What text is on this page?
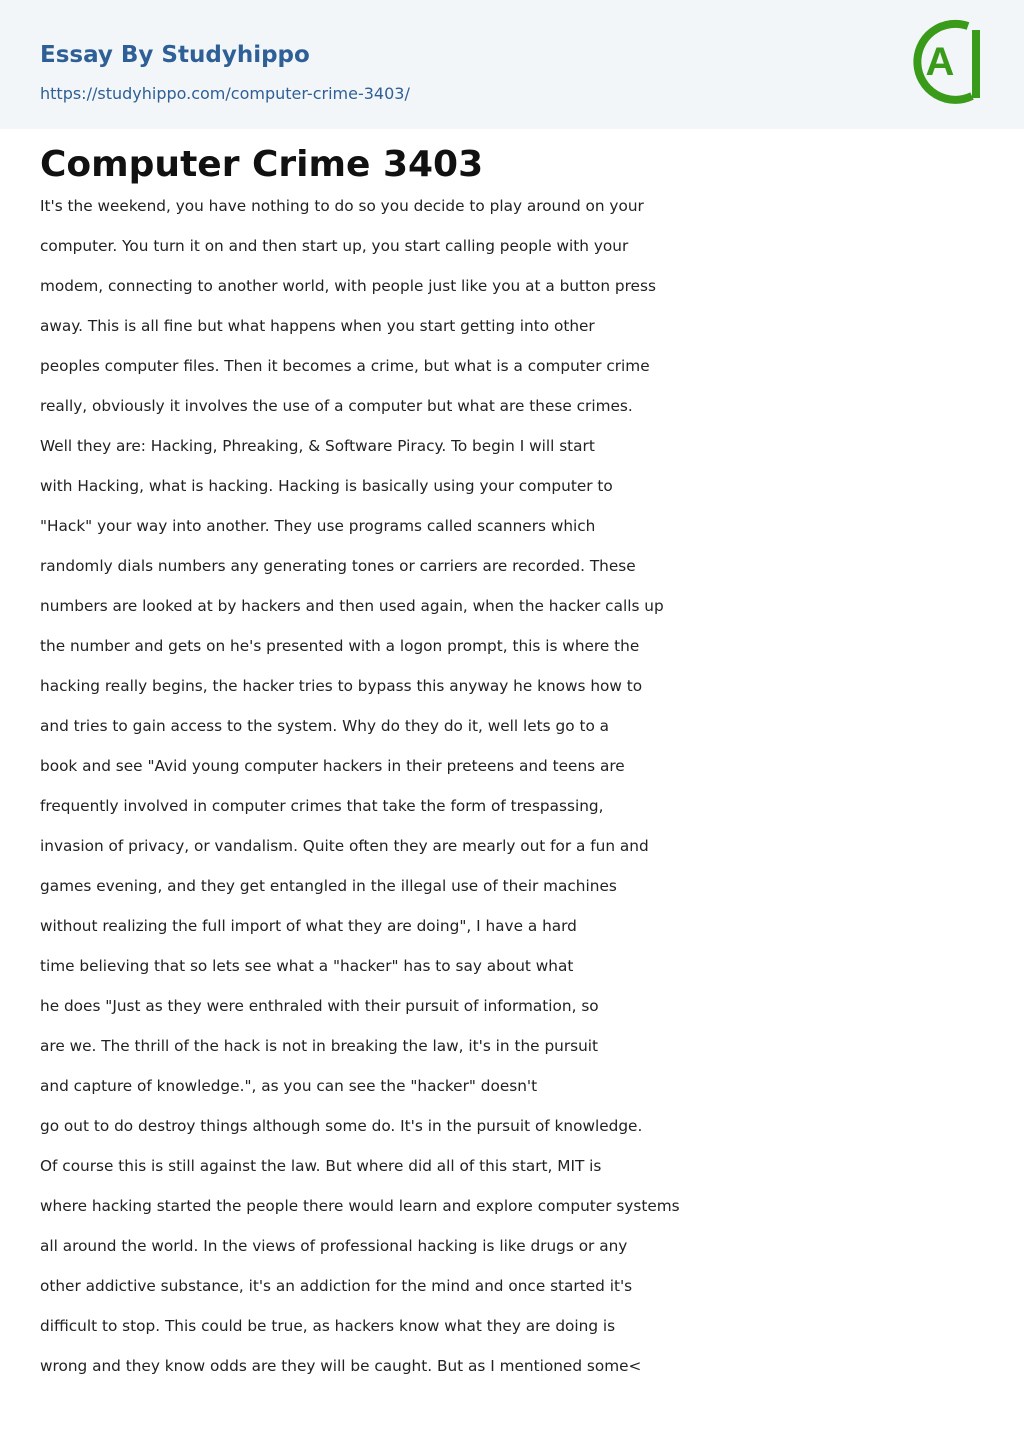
Essay By Studyhippo
https://studyhippo.com/computer-crime-3403/
A
Computer Crime 3403
It's the weekend, you have nothing to do so you decide to play around on your
computer. You turn it on and then start up, you start calling people with your
modem, connecting to another world, with people just like you at a button press
away. This is all fine but what happens when you start getting into other
peoples computer files. Then it becomes a crime, but what is a computer crime
really, obviously it involves the use of a computer but what are these crimes.
Well they are: Hacking, Phreaking, & Software Piracy. To begin I will start
with Hacking, what is hacking. Hacking is basically using your computer to
"Hack" your way into another. They use programs called scanners which
randomly dials numbers any generating tones or carriers are recorded. These
numbers are looked at by hackers and then used again, when the hacker calls up
the number and gets on he's presented with a logon prompt, this is where the
hacking really begins, the hacker tries to bypass this anyway he knows how to
and tries to gain access to the system. Why do they do it, well lets go to a
book and see "Avid young computer hackers in their preteens and teens are
frequently involved in computer crimes that take the form of trespassing,
invasion of privacy, or vandalism. Quite often they are mearly out for a fun and
games evening, and they get entangled in the illegal use of their machines
without realizing the full import of what they are doing", I have a hard
time believing that so lets see what a "hacker" has to say about what
he does "Just as they were enthraled with their pursuit of information, so
are we. The thrill of the hack is not in breaking the law, it's in the pursuit
and capture of knowledge.", as you can see the "hacker" doesn't
go out to do destroy things although some do. It's in the pursuit of knowledge.
Of course this is still against the law. But where did all of this start, MIT is
where hacking started the people there would learn and explore computer systems
all around the world. In the views of professional hacking is like drugs or any
other addictive substance, it's an addiction for the mind and once started it's
difficult to stop. This could be true, as hackers know what they are doing is
wrong and they know odds are they will be caught. But as I mentioned some<
